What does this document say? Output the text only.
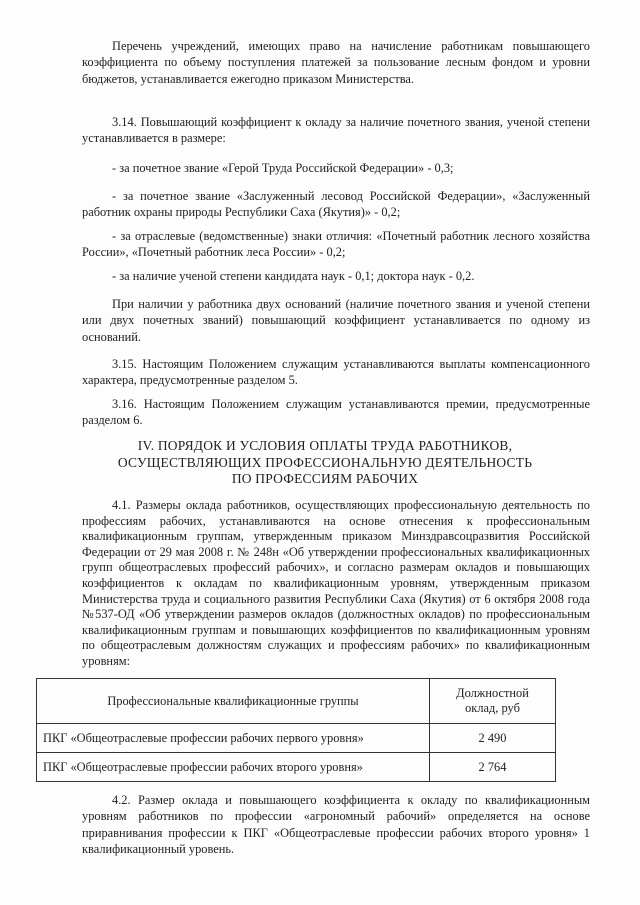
Перечень учреждений, имеющих право на начисление работникам повышающего коэффициента по объему поступления платежей за пользование лесным фондом и уровни бюджетов, устанавливается ежегодно приказом Министерства.
3.14. Повышающий коэффициент к окладу за наличие почетного звания, ученой степени устанавливается в размере:
- за почетное звание «Герой Труда Российской Федерации» - 0,3;
- за почетное звание «Заслуженный лесовод Российской Федерации», «Заслуженный работник охраны природы Республики Саха (Якутия)» - 0,2;
- за отраслевые (ведомственные) знаки отличия: «Почетный работник лесного хозяйства России», «Почетный работник леса России» - 0,2;
- за наличие ученой степени кандидата наук - 0,1; доктора наук - 0,2.
При наличии у работника двух оснований (наличие почетного звания и ученой степени или двух почетных званий) повышающий коэффициент устанавливается по одному из оснований.
3.15. Настоящим Положением служащим устанавливаются выплаты компенсационного характера, предусмотренные разделом 5.
3.16. Настоящим Положением служащим устанавливаются премии, предусмотренные разделом 6.
IV. ПОРЯДОК И УСЛОВИЯ ОПЛАТЫ ТРУДА РАБОТНИКОВ,
ОСУЩЕСТВЛЯЮЩИХ ПРОФЕССИОНАЛЬНУЮ ДЕЯТЕЛЬНОСТЬ
ПО ПРОФЕССИЯМ РАБОЧИХ
4.1. Размеры оклада работников, осуществляющих профессиональную деятельность по профессиям рабочих, устанавливаются на основе отнесения к профессиональным квалификационным группам, утвержденным приказом Минздравсоцразвития Российской Федерации от 29 мая 2008 г. № 248н «Об утверждении профессиональных квалификационных групп общеотраслевых профессий рабочих», и согласно размерам окладов и повышающих коэффициентов к окладам по квалификационным уровням, утвержденным приказом Министерства труда и социального развития Республики Саха (Якутия) от 6 октября 2008 года №537-ОД «Об утверждении размеров окладов (должностных окладов) по профессиональным квалификационным группам и повышающих коэффициентов по квалификационным уровням по общеотраслевым должностям служащих и профессиям рабочих» по квалификационным уровням:
Профессиональные квалификационные группы	Должностной
оклад, руб

ПКГ «Общеотраслевые профессии рабочих первого уровня»	2 490
ПКГ «Общеотраслевые профессии рабочих второго уровня»	2 764
4.2. Размер оклада и повышающего коэффициента к окладу по квалификационным уровням работников по профессии «агрономный рабочий» определяется на основе приравнивания профессии к ПКГ «Общеотраслевые профессии рабочих второго уровня» 1 квалификационный уровень.
